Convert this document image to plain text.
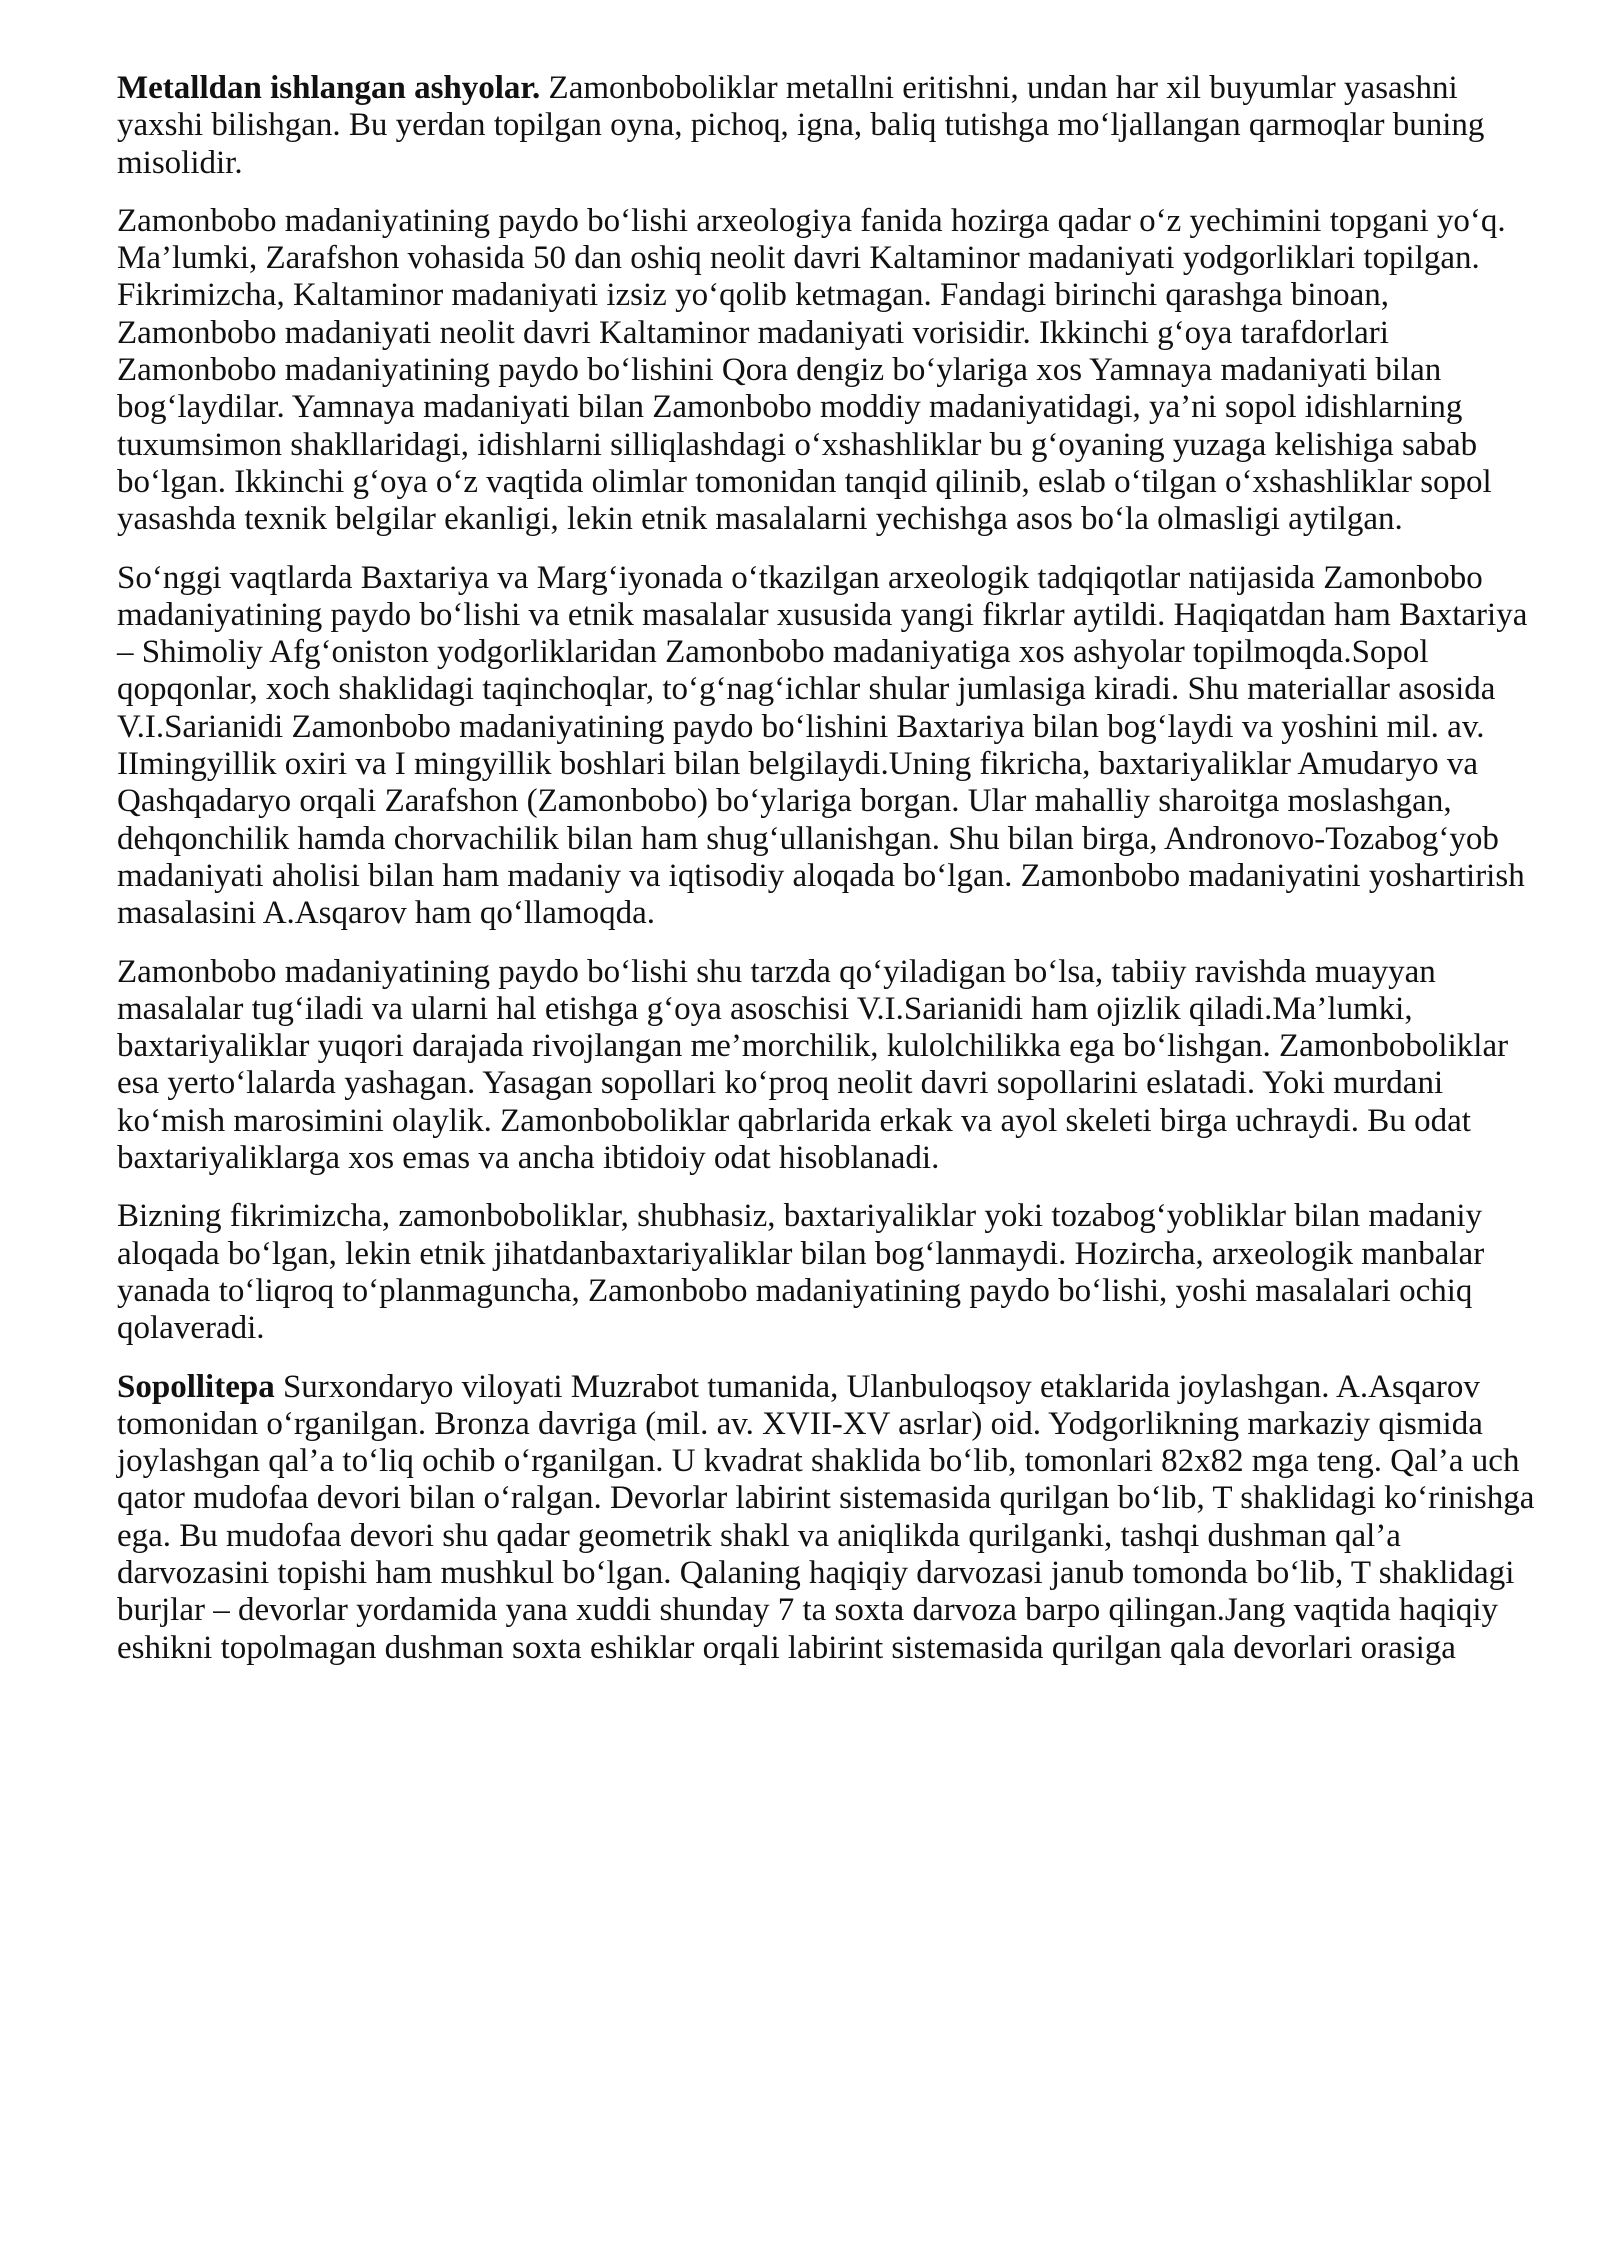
Metalldan ishlangan ashyolar. Zamonboboliklar metallni eritishni, undan har xil buyumlar yasashni yaxshi bilishgan. Bu yerdan topilgan oyna, pichoq, igna, baliq tutishga mo‘ljallangan qarmoqlar buning misolidir.

Zamonbobo madaniyatining paydo bo‘lishi arxeologiya fanida hozirga qadar o‘z yechimini topgani yo‘q. Ma’lumki, Zarafshon vohasida 50 dan oshiq neolit davri Kaltaminor madaniyati yodgorliklari topilgan. Fikrimizcha, Kaltaminor madaniyati izsiz yo‘qolib ketmagan. Fandagi birinchi qarashga binoan, Zamonbobo madaniyati neolit davri Kaltaminor madaniyati vorisidir. Ikkinchi g‘oya tarafdorlari Zamonbobo madaniyatining paydo bo‘lishini Qora dengiz bo‘ylariga xos Yamnaya madaniyati bilan bog‘laydilar. Yamnaya madaniyati bilan Zamonbobo moddiy madaniyatidagi, ya’ni sopol idishlarning tuxumsimon shakllaridagi, idishlarni silliqlashdagi o‘xshashliklar bu g‘oyaning yuzaga kelishiga sabab bo‘lgan. Ikkinchi g‘oya o‘z vaqtida olimlar tomonidan tanqid qilinib, eslab o‘tilgan o‘xshashliklar sopol yasashda texnik belgilar ekanligi, lekin etnik masalalarni yechishga asos bo‘la olmasligi aytilgan.

So‘nggi vaqtlarda Baxtariya va Marg‘iyonada o‘tkazilgan arxeologik tadqiqotlar natijasida Zamonbobo madaniyatining paydo bo‘lishi va etnik masalalar xususida yangi fikrlar aytildi. Haqiqatdan ham Baxtariya – Shimoliy Afg‘oniston yodgorliklaridan Zamonbobo madaniyatiga xos ashyolar topilmoqda.Sopol qopqonlar, xoch shaklidagi taqinchoqlar, to‘g‘nag‘ichlar shular jumlasiga kiradi. Shu materiallar asosida V.I.Sarianidi Zamonbobo madaniyatining paydo bo‘lishini Baxtariya bilan bog‘laydi va yoshini mil. av. IImingyillik oxiri va I mingyillik boshlari bilan belgilaydi.Uning fikricha, baxtariyaliklar Amudaryo va Qashqadaryo orqali Zarafshon (Zamonbobo) bo‘ylariga borgan. Ular mahalliy sharoitga moslashgan, dehqonchilik hamda chorvachilik bilan ham shug‘ullanishgan. Shu bilan birga, Andronovo-Tozabog‘yob madaniyati aholisi bilan ham madaniy va iqtisodiy aloqada bo‘lgan. Zamonbobo madaniyatini yoshartirish masalasini A.Asqarov ham qo‘llamoqda.

Zamonbobo madaniyatining paydo bo‘lishi shu tarzda qo‘yiladigan bo‘lsa, tabiiy ravishda muayyan masalalar tug‘iladi va ularni hal etishga g‘oya asoschisi V.I.Sarianidi ham ojizlik qiladi.Ma’lumki, baxtariyaliklar yuqori darajada rivojlangan me’morchilik, kulolchilikka ega bo‘lishgan. Zamonboboliklar esa yerto‘lalarda yashagan. Yasagan sopollari ko‘proq neolit davri sopollarini eslatadi. Yoki murdani ko‘mish marosimini olaylik. Zamonboboliklar qabrlarida erkak va ayol skeleti birga uchraydi. Bu odat baxtariyaliklarga xos emas va ancha ibtidoiy odat hisoblanadi.

Bizning fikrimizcha, zamonboboliklar, shubhasiz, baxtariyaliklar yoki tozabog‘yobliklar bilan madaniy aloqada bo‘lgan, lekin etnik jihatdanbaxtariyaliklar bilan bog‘lanmaydi. Hozircha, arxeologik manbalar yanada to‘liqroq to‘planmaguncha, Zamonbobo madaniyatining paydo bo‘lishi, yoshi masalalari ochiq qolaveradi.

Sopollitepa Surxondaryo viloyati Muzrabot tumanida, Ulanbuloqsoy etaklarida joylashgan. A.Asqarov tomonidan o‘rganilgan. Bronza davriga (mil. av. XVII-XV asrlar) oid. Yodgorlikning markaziy qismida joylashgan qal’a to‘liq ochib o‘rganilgan. U kvadrat shaklida bo‘lib, tomonlari 82x82 mga teng. Qal’a uch qator mudofaa devori bilan o‘ralgan. Devorlar labirint sistemasida qurilgan bo‘lib, T shaklidagi ko‘rinishga ega. Bu mudofaa devori shu qadar geometrik shakl va aniqlikda qurilganki, tashqi dushman qal’a darvozasini topishi ham mushkul bo‘lgan. Qalaning haqiqiy darvozasi janub tomonda bo‘lib, T shaklidagi burjlar – devorlar yordamida yana xuddi shunday 7 ta soxta darvoza barpo qilingan.Jang vaqtida haqiqiy eshikni topolmagan dushman soxta eshiklar orqali labirint sistemasida qurilgan qala devorlari orasiga
